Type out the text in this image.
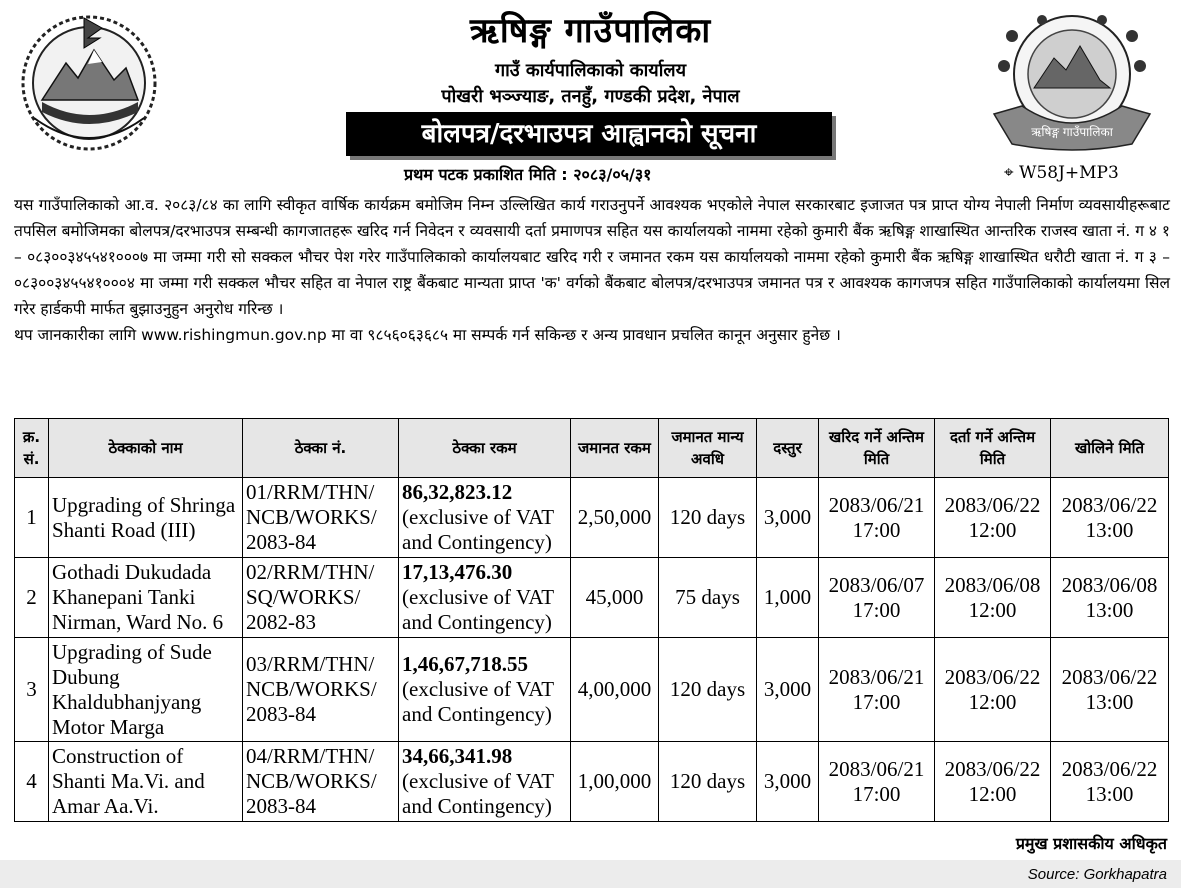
ऋषिङ्ग गाउँपालिका
गाउँ कार्यपालिकाको कार्यालय
पोखरी भञ्ज्याङ, तनहुँ, गण्डकी प्रदेश, नेपाल
बोलपत्र/दरभाउपत्र आह्वानको सूचना
प्रथम पटक प्रकाशित मिति : २०८३/०५/३१
ऋषिङ्ग गाउँपालिका
⌖ W58J+MP3

यस गाउँपालिकाको आ.व. २०८३/८४ का लागि स्वीकृत वार्षिक कार्यक्रम बमोजिम निम्न उल्लिखित कार्य गराउनुपर्ने आवश्यक भएकोले नेपाल सरकारबाट इजाजत पत्र प्राप्त योग्य नेपाली निर्माण व्यवसायीहरूबाट तपसिल बमोजिमका बोलपत्र/दरभाउपत्र सम्बन्धी कागजातहरू खरिद गर्न निवेदन र व्यवसायी दर्ता प्रमाणपत्र सहित यस कार्यालयको नाममा रहेको कुमारी बैंक ऋषिङ्ग शाखास्थित आन्तरिक राजस्व खाता नं. ग ४ १ – ०८३००३४५५४१०००७ मा जम्मा गरी सो सक्कल भौचर पेश गरेर गाउँपालिकाको कार्यालयबाट खरिद गरी र जमानत रकम यस कार्यालयको नाममा रहेको कुमारी बैंक ऋषिङ्ग शाखास्थित धरौटी खाता नं. ग ३ – ०८३००३४५५४१०००४ मा जम्मा गरी सक्कल भौचर सहित वा नेपाल राष्ट्र बैंकबाट मान्यता प्राप्त 'क' वर्गको बैंकबाट बोलपत्र/दरभाउपत्र जमानत पत्र र आवश्यक कागजपत्र सहित गाउँपालिकाको कार्यालयमा सिल गरेर हार्डकपी मार्फत बुझाउनुहुन अनुरोध गरिन्छ ।

थप जानकारीका लागि www.rishingmun.gov.np मा वा ९८५६०६३६८५ मा सम्पर्क गर्न सकिन्छ र अन्य प्रावधान प्रचलित कानून अनुसार हुनेछ ।

क्र. सं.	ठेक्काको नाम	ठेक्का नं.	ठेक्का रकम	जमानत रकम	जमानत मान्य अवधि	दस्तुर	खरिद गर्ने अन्तिम मिति	दर्ता गर्ने अन्तिम मिति	खोलिने मिति
1	Upgrading of Shringa Shanti Road (III)	01/RRM/THN/ NCB/WORKS/ 2083-84	86,32,823.12
(exclusive of VAT and Contingency)	2,50,000	120 days	3,000	2083/06/21 17:00	2083/06/22 12:00	2083/06/22 13:00
2	Gothadi Dukudada Khanepani Tanki Nirman, Ward No. 6	02/RRM/THN/ SQ/WORKS/ 2082-83	17,13,476.30
(exclusive of VAT and Contingency)	45,000	75 days	1,000	2083/06/07 17:00	2083/06/08 12:00	2083/06/08 13:00
3	Upgrading of Sude Dubung Khaldubhanjyang Motor Marga	03/RRM/THN/ NCB/WORKS/ 2083-84	1,46,67,718.55
(exclusive of VAT and Contingency)	4,00,000	120 days	3,000	2083/06/21 17:00	2083/06/22 12:00	2083/06/22 13:00
4	Construction of Shanti Ma.Vi. and Amar Aa.Vi.	04/RRM/THN/ NCB/WORKS/ 2083-84	34,66,341.98
(exclusive of VAT and Contingency)	1,00,000	120 days	3,000	2083/06/21 17:00	2083/06/22 12:00	2083/06/22 13:00
प्रमुख प्रशासकीय अधिकृत
Source: Gorkhapatra
